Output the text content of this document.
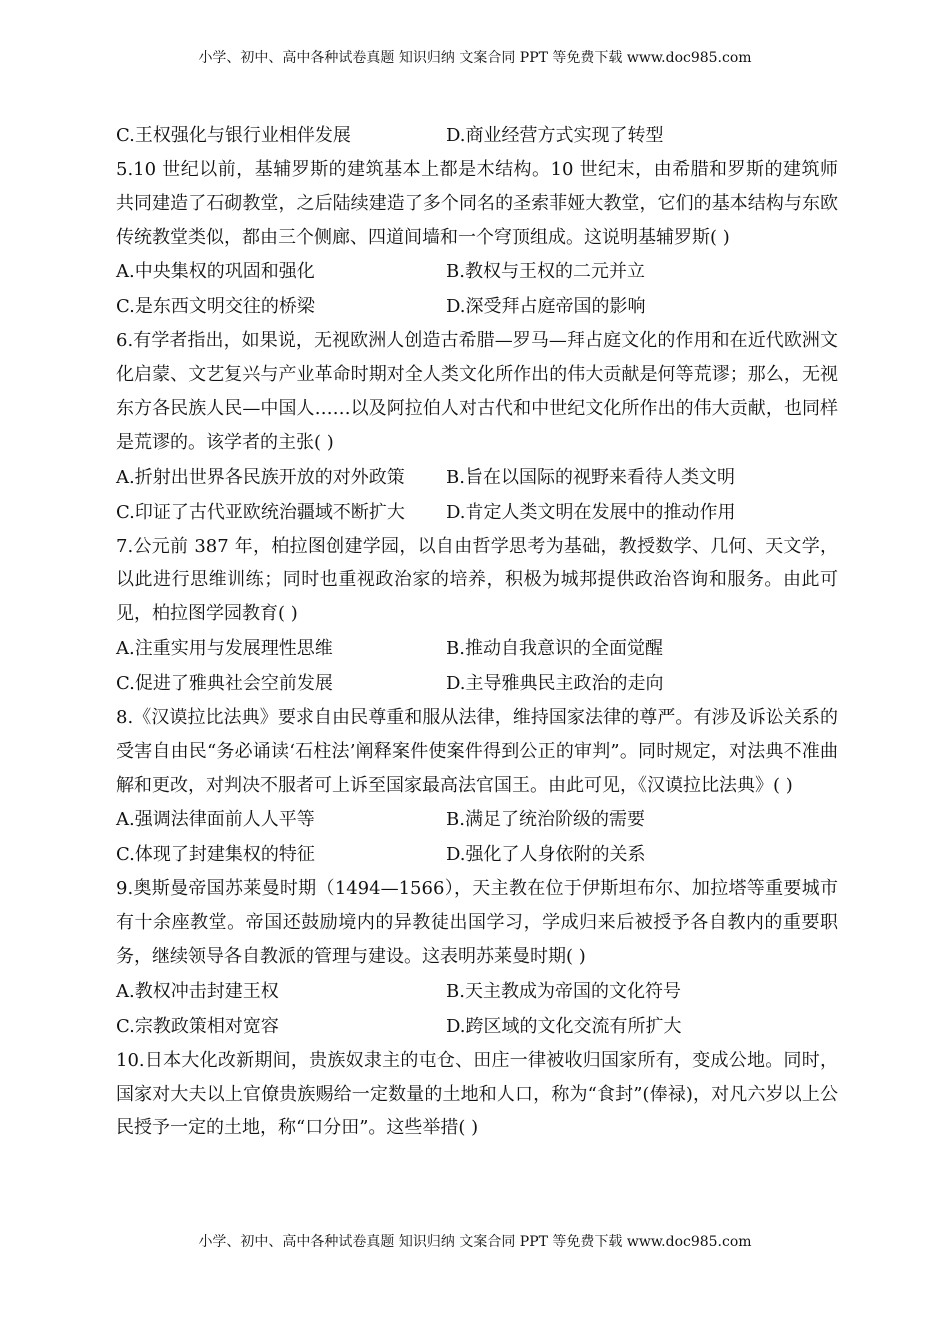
小学、初中、高中各种试卷真题 知识归纳 文案合同 PPT 等免费下载 www.doc985.com
C.王权强化与银行业相伴发展	D.商业经营方式实现了转型

5.10 世纪以前，基辅罗斯的建筑基本上都是木结构。10 世纪末，由希腊和罗斯的建筑师共同建造了石砌教堂，之后陆续建造了多个同名的圣索菲娅大教堂，它们的基本结构与东欧传统教堂类似，都由三个侧廊、四道间墙和一个穹顶组成。这说明基辅罗斯( )

A.中央集权的巩固和强化	B.教权与王权的二元并立
C.是东西文明交往的桥梁	D.深受拜占庭帝国的影响

6.有学者指出，如果说，无视欧洲人创造古希腊—罗马—拜占庭文化的作用和在近代欧洲文化启蒙、文艺复兴与产业革命时期对全人类文化所作出的伟大贡献是何等荒谬；那么，无视东方各民族人民—中国人……以及阿拉伯人对古代和中世纪文化所作出的伟大贡献，也同样是荒谬的。该学者的主张( )

A.折射出世界各民族开放的对外政策	B.旨在以国际的视野来看待人类文明
C.印证了古代亚欧统治疆域不断扩大	D.肯定人类文明在发展中的推动作用

7.公元前 387 年，柏拉图创建学园，以自由哲学思考为基础，教授数学、几何、天文学，以此进行思维训练；同时也重视政治家的培养，积极为城邦提供政治咨询和服务。由此可见，柏拉图学园教育( )

A.注重实用与发展理性思维	B.推动自我意识的全面觉醒
C.促进了雅典社会空前发展	D.主导雅典民主政治的走向

8.《汉谟拉比法典》要求自由民尊重和服从法律，维持国家法律的尊严。有涉及诉讼关系的受害自由民“务必诵读‘石柱法’阐释案件使案件得到公正的审判”。同时规定，对法典不准曲解和更改，对判决不服者可上诉至国家最高法官国王。由此可见，《汉谟拉比法典》( )

A.强调法律面前人人平等	B.满足了统治阶级的需要
C.体现了封建集权的特征	D.强化了人身依附的关系

9.奥斯曼帝国苏莱曼时期（1494—1566），天主教在位于伊斯坦布尔、加拉塔等重要城市有十余座教堂。帝国还鼓励境内的异教徒出国学习，学成归来后被授予各自教内的重要职务，继续领导各自教派的管理与建设。这表明苏莱曼时期( )

A.教权冲击封建王权	B.天主教成为帝国的文化符号
C.宗教政策相对宽容	D.跨区域的文化交流有所扩大

10.日本大化改新期间，贵族奴隶主的屯仓、田庄一律被收归国家所有，变成公地。同时，国家对大夫以上官僚贵族赐给一定数量的土地和人口，称为“食封”(俸禄)，对凡六岁以上公民授予一定的土地，称“口分田”。这些举措( )

小学、初中、高中各种试卷真题 知识归纳 文案合同 PPT 等免费下载 www.doc985.com
